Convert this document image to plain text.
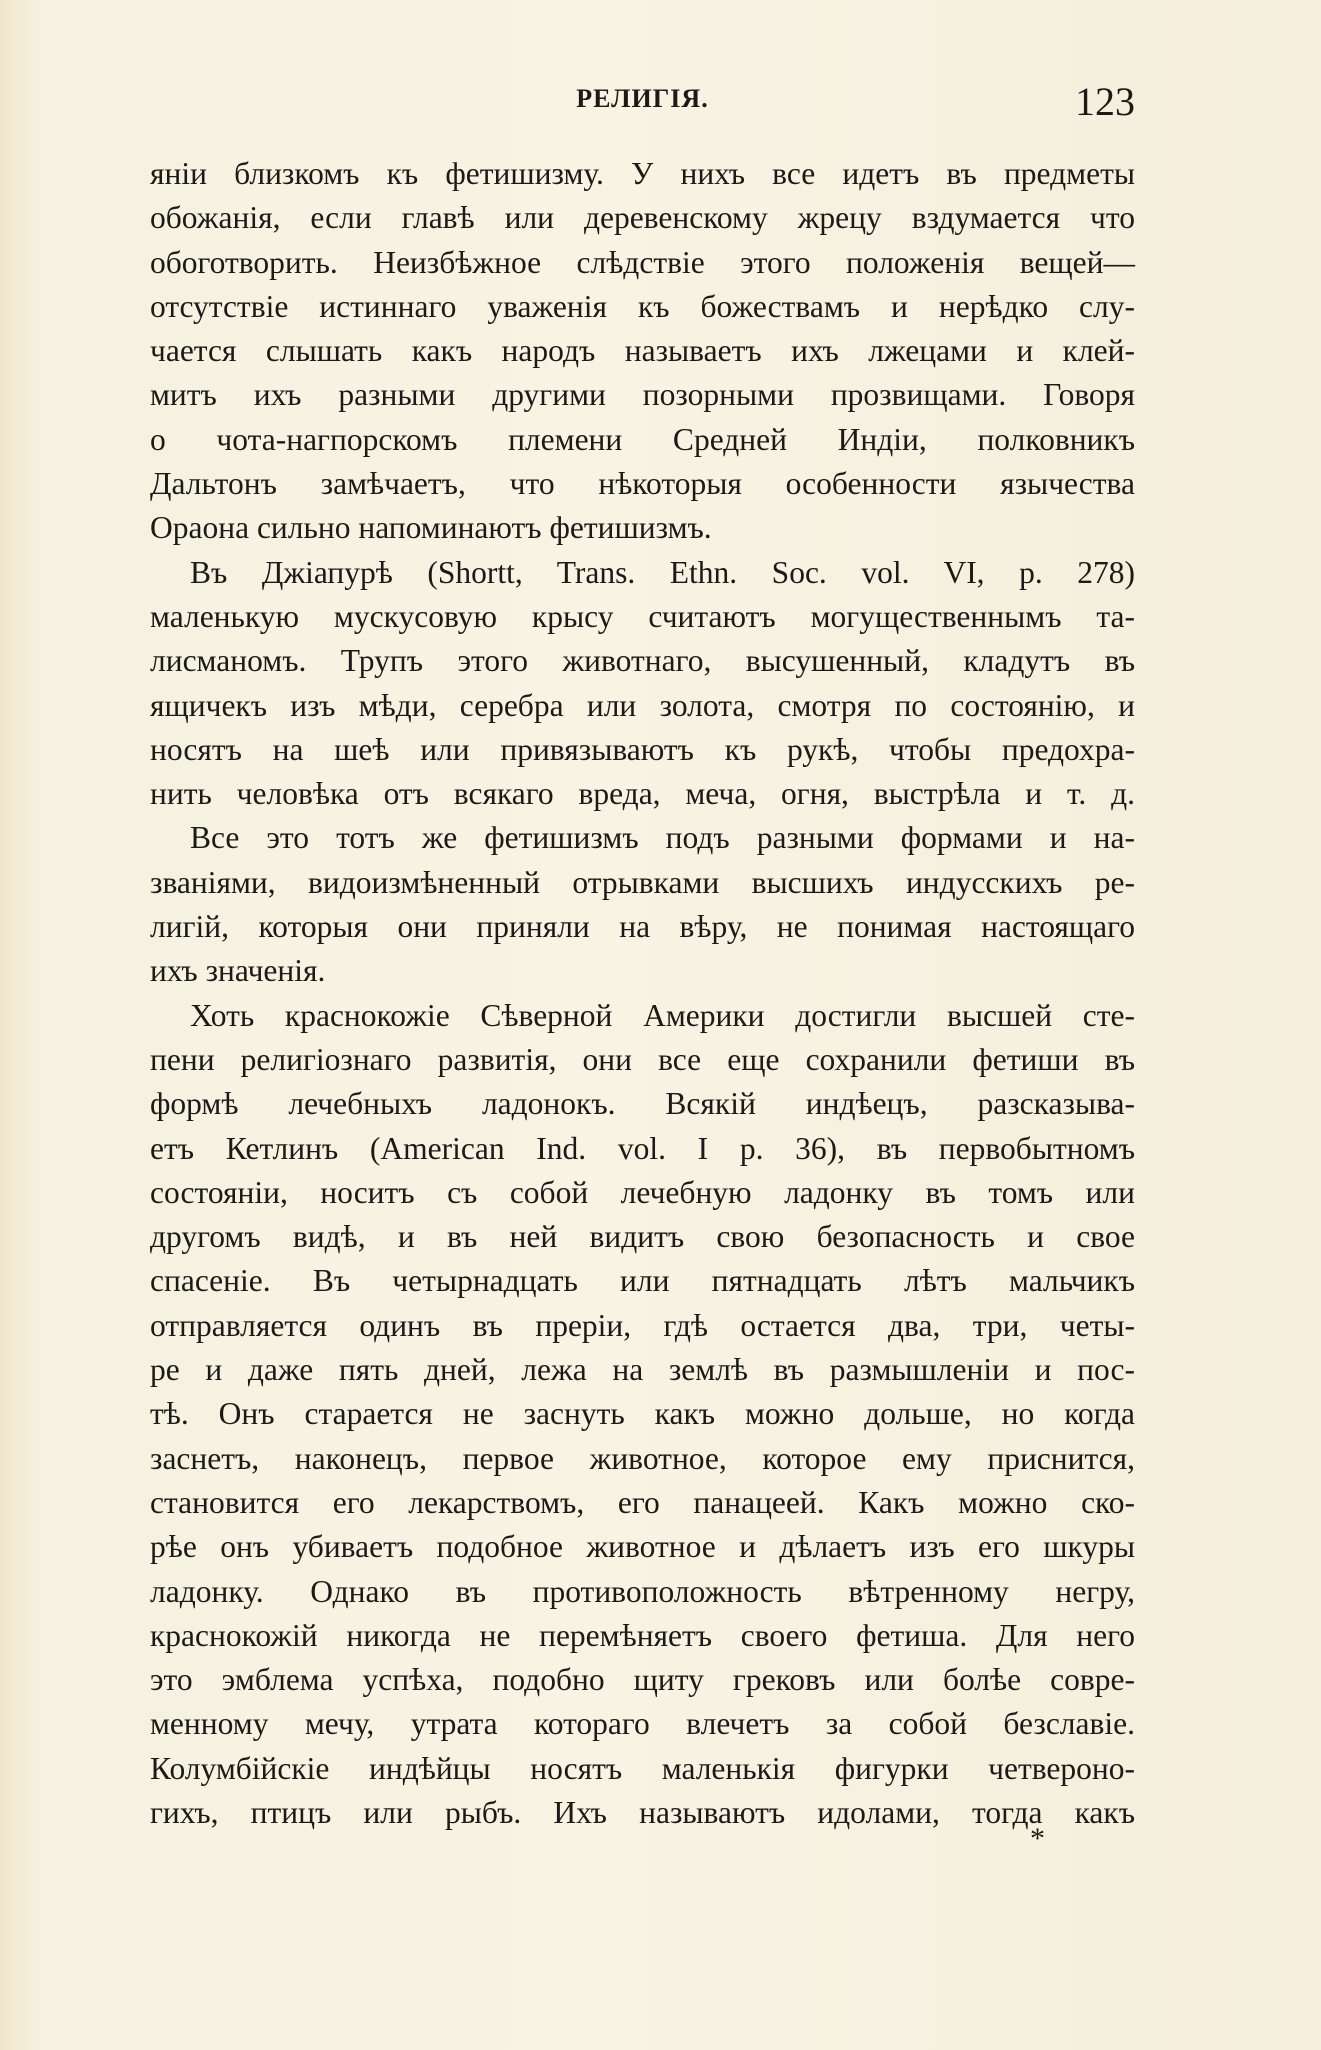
РЕЛИГІЯ.	123
яніи близкомъ къ фетишизму. У нихъ все идетъ въ предметы
обожанія, если главѣ или деревенскому жрецу вздумается что
обоготворить. Неизбѣжное слѣдствіе этого положенія вещей—
отсутствіе истиннаго уваженія къ божествамъ и нерѣдко слу-
чается слышать какъ народъ называетъ ихъ лжецами и клей-
митъ ихъ разными другими позорными прозвищами. Говоря
о чота-нагпорскомъ племени Средней Индіи, полковникъ
Дальтонъ замѣчаетъ, что нѣкоторыя особенности язычества
Ораона сильно напоминаютъ фетишизмъ.
Въ Джіапурѣ (Shortt, Trans. Ethn. Soc. vol. VI, p. 278)
маленькую мускусовую крысу считаютъ могущественнымъ та-
лисманомъ. Трупъ этого животнаго, высушенный, кладутъ въ
ящичекъ изъ мѣди, серебра или золота, смотря по состоянію, и
носятъ на шеѣ или привязываютъ къ рукѣ, чтобы предохра-
нить человѣка отъ всякаго вреда, меча, огня, выстрѣла и т. д.
Все это тотъ же фетишизмъ подъ разными формами и на-
званіями, видоизмѣненный отрывками высшихъ индусскихъ ре-
лигій, которыя они приняли на вѣру, не понимая настоящаго
ихъ значенія.
Хоть краснокожіе Сѣверной Америки достигли высшей сте-
пени религіознаго развитія, они все еще сохранили фетиши въ
формѣ лечебныхъ ладонокъ. Всякій индѣецъ, разсказыва-
етъ Кетлинъ (American Ind. vol. I p. 36), въ первобытномъ
состояніи, носитъ съ собой лечебную ладонку въ томъ или
другомъ видѣ, и въ ней видитъ свою безопасность и свое
спасеніе. Въ четырнадцать или пятнадцать лѣтъ мальчикъ
отправляется одинъ въ преріи, гдѣ остается два, три, четы-
ре и даже пять дней, лежа на землѣ въ размышленіи и пос-
тѣ. Онъ старается не заснуть какъ можно дольше, но когда
заснетъ, наконецъ, первое животное, которое ему приснится,
становится его лекарствомъ, его панацеей. Какъ можно ско-
рѣе онъ убиваетъ подобное животное и дѣлаетъ изъ его шкуры
ладонку. Однако въ противоположность вѣтренному негру,
краснокожій никогда не перемѣняетъ своего фетиша. Для него
это эмблема успѣха, подобно щиту грековъ или болѣе совре-
менному мечу, утрата котораго влечетъ за собой безславіе.
Колумбійскіе индѣйцы носятъ маленькія фигурки четвероно-
гихъ, птицъ или рыбъ. Ихъ называютъ идолами, тогда какъ
*
